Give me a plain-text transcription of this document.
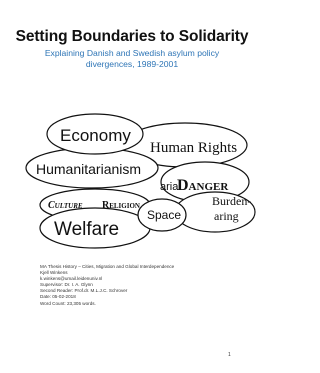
Setting Boundaries to Solidarity
Explaining Danish and Swedish asylum policy divergences, 1989-2001
Human Rights
Humanitarianism
aria
Danger
Culture Religion	Burden-
aring
Economy
Space
Welfare
MA Thesis History – Cities, Migration and Global Interdependence
Kjell Winkens
k.winkens@umail.leidenuniv.nl
Supervisor: Dr. I. A. Glynn
Second Reader: Prof.dr. M.L.J.C. Schrover
Date: 05-02-2018
Word Count: 23,305 words.
1
